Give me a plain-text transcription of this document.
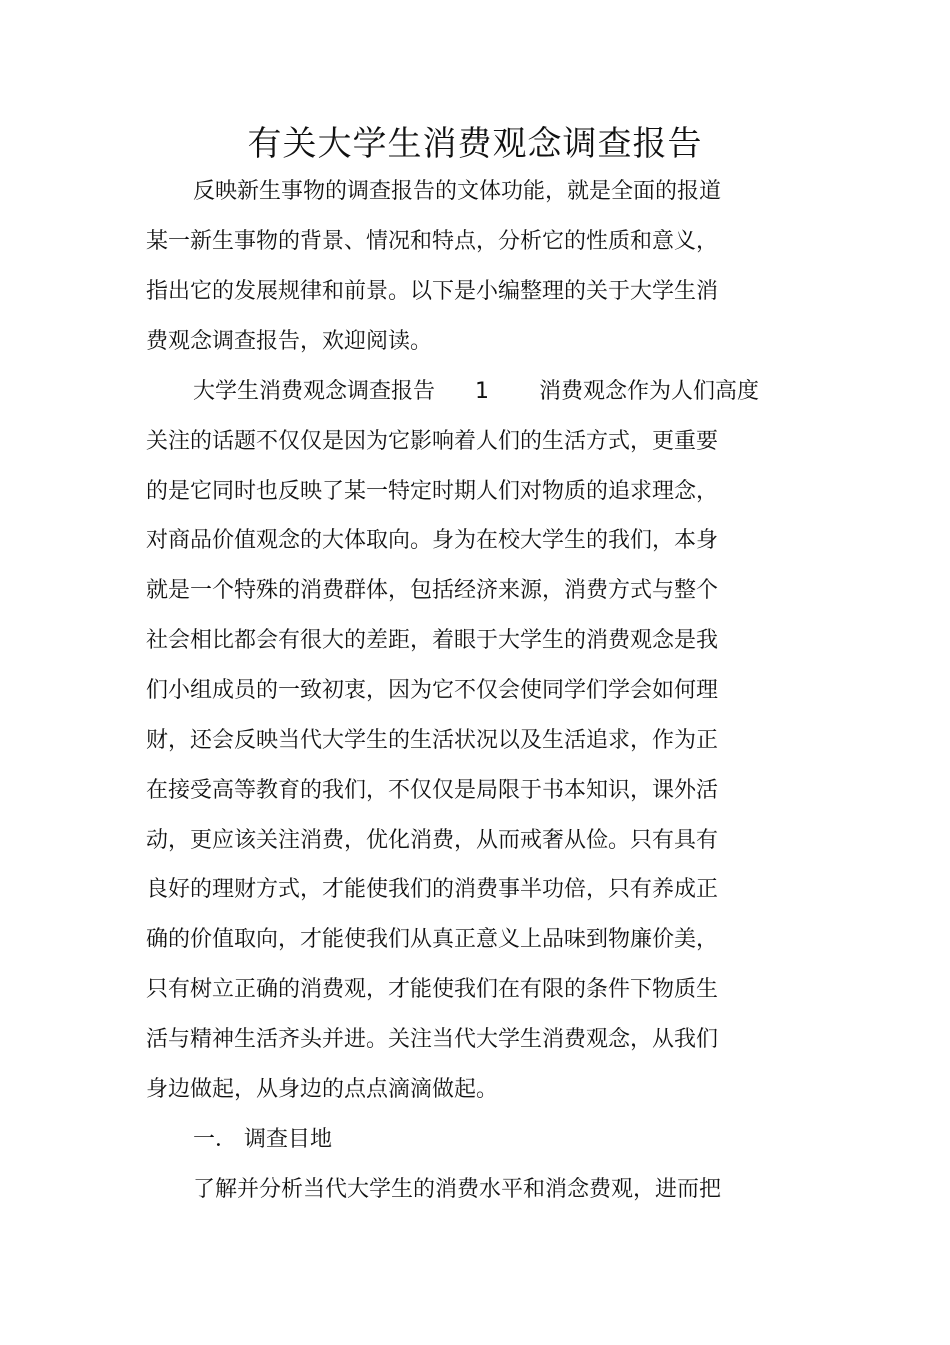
有关大学生消费观念调查报告

反映新生事物的调查报告的文体功能，就是全面的报道

某一新生事物的背景、情况和特点，分析它的性质和意义，

指出它的发展规律和前景。以下是小编整理的关于大学生消

费观念调查报告，欢迎阅读。

大学生消费观念调查报告 1 消费观念作为人们高度

关注的话题不仅仅是因为它影响着人们的生活方式，更重要

的是它同时也反映了某一特定时期人们对物质的追求理念，

对商品价值观念的大体取向。身为在校大学生的我们，本身

就是一个特殊的消费群体，包括经济来源，消费方式与整个

社会相比都会有很大的差距，着眼于大学生的消费观念是我

们小组成员的一致初衷，因为它不仅会使同学们学会如何理

财，还会反映当代大学生的生活状况以及生活追求，作为正

在接受高等教育的我们，不仅仅是局限于书本知识，课外活

动，更应该关注消费，优化消费，从而戒奢从俭。只有具有

良好的理财方式，才能使我们的消费事半功倍，只有养成正

确的价值取向，才能使我们从真正意义上品味到物廉价美，

只有树立正确的消费观，才能使我们在有限的条件下物质生

活与精神生活齐头并进。关注当代大学生消费观念，从我们

身边做起，从身边的点点滴滴做起。

一． 调查目地

了解并分析当代大学生的消费水平和消念费观，进而把
